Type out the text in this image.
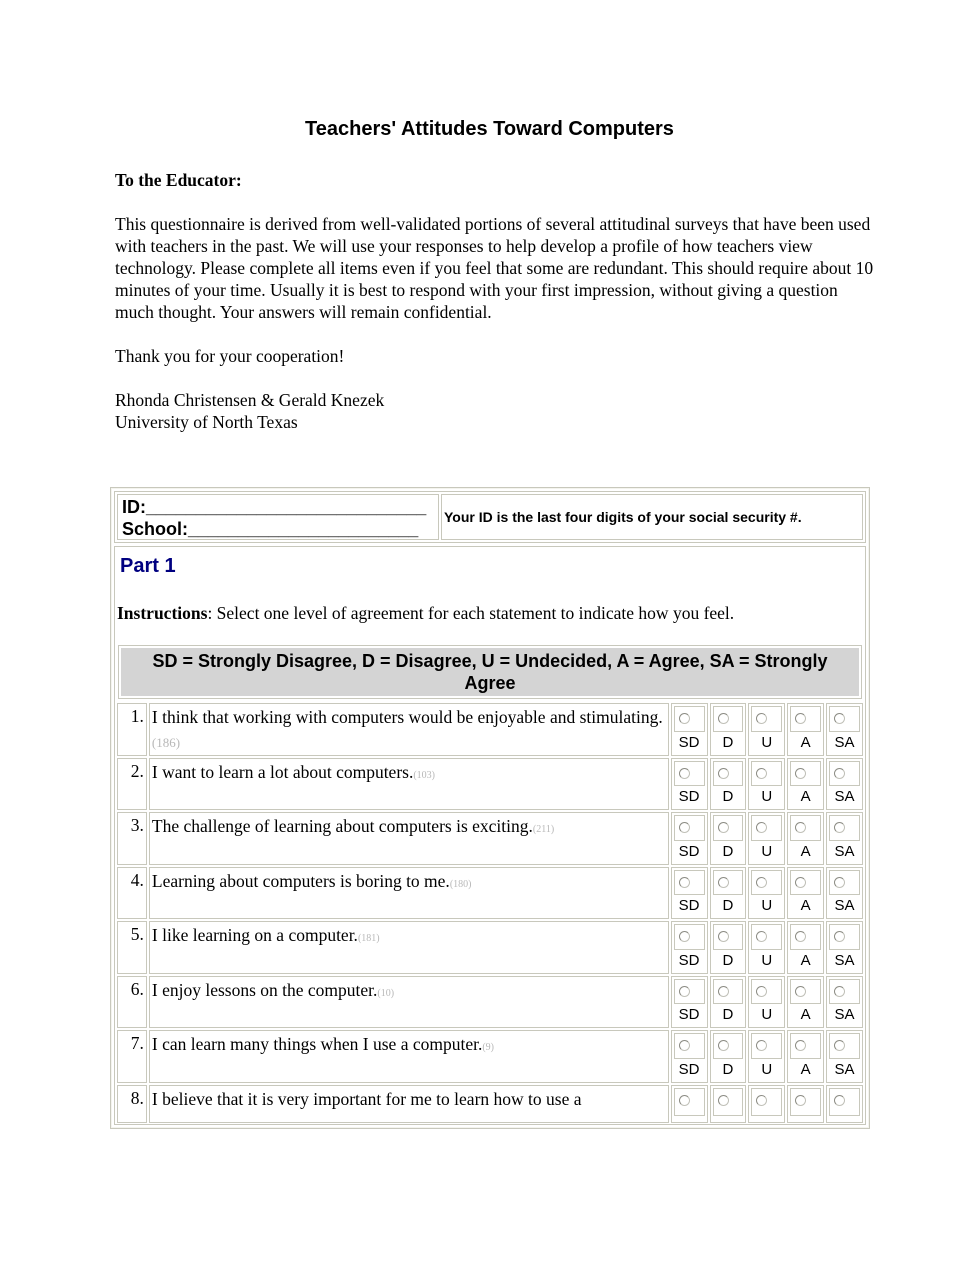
Teachers' Attitudes Toward Computers

To the Educator:

This questionnaire is derived from well-validated portions of several attitudinal surveys that have been used with teachers in the past. We will use your responses to help develop a profile of how teachers view technology. Please complete all items even if you feel that some are redundant. This should require about 10 minutes of your time. Usually it is best to respond with your first impression, without giving a question much thought. Your answers will remain confidential.

Thank you for your cooperation!

Rhonda Christensen & Gerald Knezek
University of North Texas

ID:____________________________
School:_______________________
Your ID is the last four digits of your social security #.
Part 1
Instructions: Select one level of agreement for each statement to indicate how you feel.
SD = Strongly Disagree, D = Disagree, U = Undecided, A = Agree, SA = Strongly Agree
1. I think that working with computers would be enjoyable and stimulating. (186)	SD	D	U	A	SA
2. I want to learn a lot about computers.(103)
SD	D	U	A	SA
3. The challenge of learning about computers is exciting.(211)
SD	D	U	A	SA
4. Learning about computers is boring to me.(180)
SD	D	U	A	SA
5. I like learning on a computer.(181)
SD	D	U	A	SA
6. I enjoy lessons on the computer.(10)
SD	D	U	A	SA
7. I can learn many things when I use a computer.(9)
SD	D	U	A	SA
8. I believe that it is very important for me to learn how to use a
